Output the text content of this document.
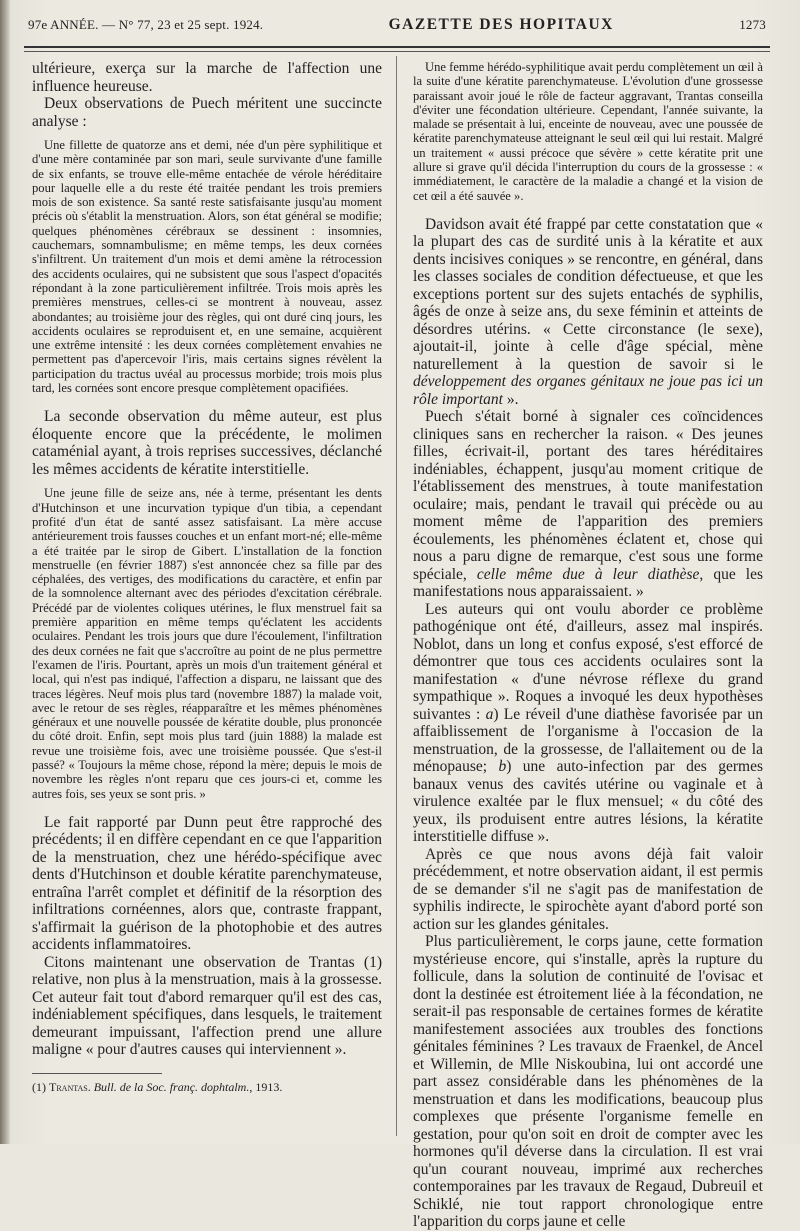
97e ANNÉE. — N° 77, 23 et 25 sept. 1924.	GAZETTE DES HOPITAUX	1273

ultérieure, exerça sur la marche de l'affection une influence heureuse.

Deux observations de Puech méritent une succincte analyse :

Une fillette de quatorze ans et demi, née d'un père syphilitique et d'une mère contaminée par son mari, seule survivante d'une famille de six enfants, se trouve elle-même entachée de vérole héréditaire pour laquelle elle a du reste été traitée pendant les trois premiers mois de son existence. Sa santé reste satisfaisante jusqu'au moment précis où s'établit la menstruation. Alors, son état général se modifie; quelques phénomènes cérébraux se dessinent : insomnies, cauchemars, somnambulisme; en même temps, les deux cornées s'infiltrent. Un traitement d'un mois et demi amène la rétrocession des accidents oculaires, qui ne subsistent que sous l'aspect d'opacités répondant à la zone particulièrement infiltrée. Trois mois après les premières menstrues, celles-ci se montrent à nouveau, assez abondantes; au troisième jour des règles, qui ont duré cinq jours, les accidents oculaires se reproduisent et, en une semaine, acquièrent une extrême intensité : les deux cornées complètement envahies ne permettent pas d'apercevoir l'iris, mais certains signes révèlent la participation du tractus uvéal au processus morbide; trois mois plus tard, les cornées sont encore presque complètement opacifiées.

La seconde observation du même auteur, est plus éloquente encore que la précédente, le molimen cataménial ayant, à trois reprises successives, déclanché les mêmes accidents de kératite interstitielle.

Une jeune fille de seize ans, née à terme, présentant les dents d'Hutchinson et une incurvation typique d'un tibia, a cependant profité d'un état de santé assez satisfaisant. La mère accuse antérieurement trois fausses couches et un enfant mort-né; elle-même a été traitée par le sirop de Gibert. L'installation de la fonction menstruelle (en février 1887) s'est annoncée chez sa fille par des céphalées, des vertiges, des modifications du caractère, et enfin par de la somnolence alternant avec des périodes d'excitation cérébrale. Précédé par de violentes coliques utérines, le flux menstruel fait sa première apparition en même temps qu'éclatent les accidents oculaires. Pendant les trois jours que dure l'écoulement, l'infiltration des deux cornées ne fait que s'accroître au point de ne plus permettre l'examen de l'iris. Pourtant, après un mois d'un traitement général et local, qui n'est pas indiqué, l'affection a disparu, ne laissant que des traces légères. Neuf mois plus tard (novembre 1887) la malade voit, avec le retour de ses règles, réapparaître et les mêmes phénomènes généraux et une nouvelle poussée de kératite double, plus prononcée du côté droit. Enfin, sept mois plus tard (juin 1888) la malade est revue une troisième fois, avec une troisième poussée. Que s'est-il passé? « Toujours la même chose, répond la mère; depuis le mois de novembre les règles n'ont reparu que ces jours-ci et, comme les autres fois, ses yeux se sont pris. »

Le fait rapporté par Dunn peut être rapproché des précédents; il en diffère cependant en ce que l'apparition de la menstruation, chez une hérédo-spécifique avec dents d'Hutchinson et double kératite parenchymateuse, entraîna l'arrêt complet et définitif de la résorption des infiltrations cornéennes, alors que, contraste frappant, s'affirmait la guérison de la photophobie et des autres accidents inflammatoires.

Citons maintenant une observation de Trantas (1) relative, non plus à la menstruation, mais à la grossesse. Cet auteur fait tout d'abord remarquer qu'il est des cas, indéniablement spécifiques, dans lesquels, le traitement demeurant impuissant, l'affection prend une allure maligne « pour d'autres causes qui interviennent ».

(1) Trantas. Bull. de la Soc. franç. dophtalm., 1913.

Une femme hérédo-syphilitique avait perdu complètement un œil à la suite d'une kératite parenchymateuse. L'évolution d'une grossesse paraissant avoir joué le rôle de facteur aggravant, Trantas conseilla d'éviter une fécondation ultérieure. Cependant, l'année suivante, la malade se présentait à lui, enceinte de nouveau, avec une poussée de kératite parenchymateuse atteignant le seul œil qui lui restait. Malgré un traitement « aussi précoce que sévère » cette kératite prit une allure si grave qu'il décida l'interruption du cours de la grossesse : « immédiatement, le caractère de la maladie a changé et la vision de cet œil a été sauvée ».

Davidson avait été frappé par cette constatation que « la plupart des cas de surdité unis à la kératite et aux dents incisives coniques » se rencontre, en général, dans les classes sociales de condition défectueuse, et que les exceptions portent sur des sujets entachés de syphilis, âgés de onze à seize ans, du sexe féminin et atteints de désordres utérins. « Cette circonstance (le sexe), ajoutait-il, jointe à celle d'âge spécial, mène naturellement à la question de savoir si le développement des organes génitaux ne joue pas ici un rôle important ».

Puech s'était borné à signaler ces coïncidences cliniques sans en rechercher la raison. « Des jeunes filles, écrivait-il, portant des tares héréditaires indéniables, échappent, jusqu'au moment critique de l'établissement des menstrues, à toute manifestation oculaire; mais, pendant le travail qui précède ou au moment même de l'apparition des premiers écoulements, les phénomènes éclatent et, chose qui nous a paru digne de remarque, c'est sous une forme spéciale, celle même due à leur diathèse, que les manifestations nous apparaissaient. »

Les auteurs qui ont voulu aborder ce problème pathogénique ont été, d'ailleurs, assez mal inspirés. Noblot, dans un long et confus exposé, s'est efforcé de démontrer que tous ces accidents oculaires sont la manifestation « d'une névrose réflexe du grand sympathique ». Roques a invoqué les deux hypothèses suivantes : a) Le réveil d'une diathèse favorisée par un affaiblissement de l'organisme à l'occasion de la menstruation, de la grossesse, de l'allaitement ou de la ménopause; b) une auto-infection par des germes banaux venus des cavités utérine ou vaginale et à virulence exaltée par le flux mensuel; « du côté des yeux, ils produisent entre autres lésions, la kératite interstitielle diffuse ».

Après ce que nous avons déjà fait valoir précédemment, et notre observation aidant, il est permis de se demander s'il ne s'agit pas de manifestation de syphilis indirecte, le spirochète ayant d'abord porté son action sur les glandes génitales.

Plus particulièrement, le corps jaune, cette formation mystérieuse encore, qui s'installe, après la rupture du follicule, dans la solution de continuité de l'ovisac et dont la destinée est étroitement liée à la fécondation, ne serait-il pas responsable de certaines formes de kératite manifestement associées aux troubles des fonctions génitales féminines ? Les travaux de Fraenkel, de Ancel et Willemin, de Mlle Niskoubina, lui ont accordé une part assez considérable dans les phénomènes de la menstruation et dans les modifications, beaucoup plus complexes que présente l'organisme femelle en gestation, pour qu'on soit en droit de compter avec les hormones qu'il déverse dans la circulation. Il est vrai qu'un courant nouveau, imprimé aux recherches contemporaines par les travaux de Regaud, Dubreuil et Schiklé, nie tout rapport chronologique entre l'apparition du corps jaune et celle
